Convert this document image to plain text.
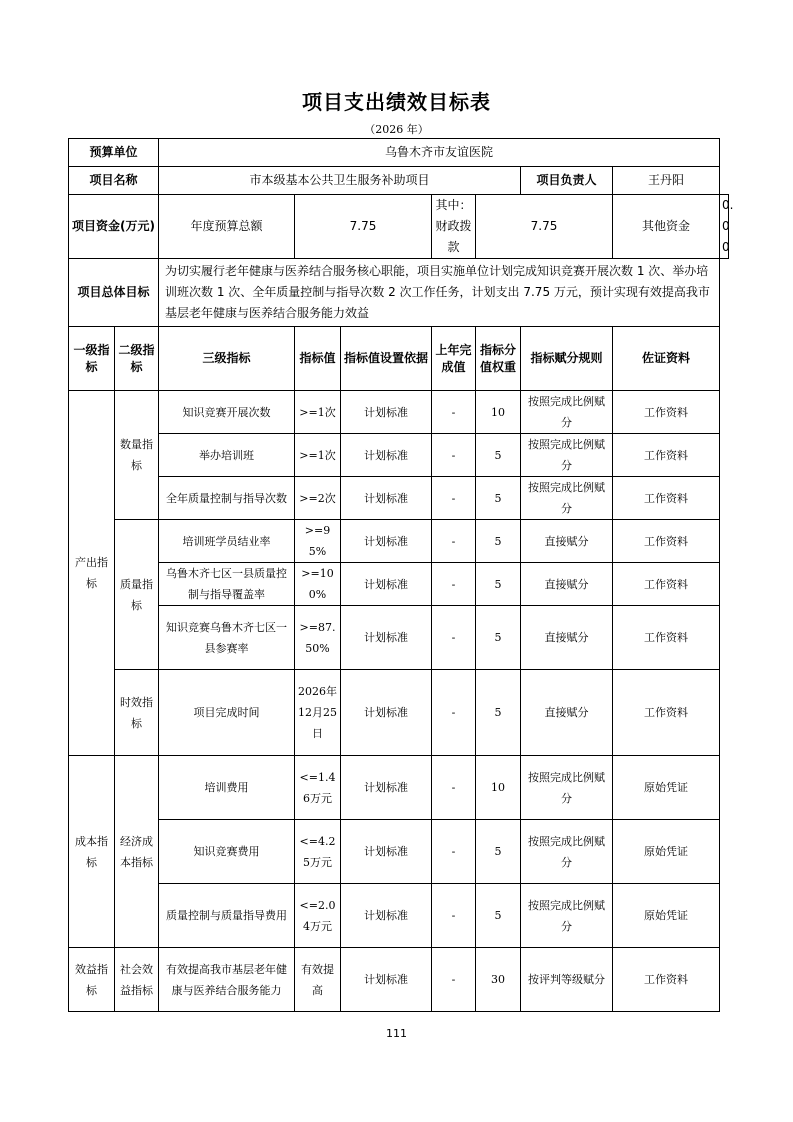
项目支出绩效目标表
（2026 年）
预算单位		乌鲁木齐市友谊医院							
项目名称		市本级基本公共卫生服务补助项目					项目负责人	王丹阳	
项目资金(万元)		年度预算总额	7.75		其中：财政拨款	7.75		其他资金	0.00
项目总体目标		为切实履行老年健康与医养结合服务核心职能，项目实施单位计划完成知识竞赛开展次数 1 次、举办培训班次数 1 次、全年质量控制与指导次数 2 次工作任务，计划支出 7.75 万元，预计实现有效提高我市基层老年健康与医养结合服务能力效益							
一级指标	二级指标	三级指标	指标值	指标值设置依据	上年完成值	指标分值权重	指标赋分规则	佐证资料	
产出指标	数量指标	知识竞赛开展次数	>=1次	计划标准	-	10	按照完成比例赋分	工作资料	
		举办培训班	>=1次	计划标准	-	5	按照完成比例赋分	工作资料	
		全年质量控制与指导次数	>=2次	计划标准	-	5	按照完成比例赋分	工作资料	
	质量指标	培训班学员结业率	>=95%	计划标准	-	5	直接赋分	工作资料	
		乌鲁木齐七区一县质量控制与指导覆盖率	>=100%	计划标准	-	5	直接赋分	工作资料	
		知识竞赛乌鲁木齐七区一县参赛率	>=87.50%	计划标准	-	5	直接赋分	工作资料	
	时效指标	项目完成时间	2026年12月25日	计划标准	-	5	直接赋分	工作资料	
成本指标	经济成本指标	培训费用	<=1.46万元	计划标准	-	10	按照完成比例赋分	原始凭证	
		知识竞赛费用	<=4.25万元	计划标准	-	5	按照完成比例赋分	原始凭证	
		质量控制与质量指导费用	<=2.04万元	计划标准	-	5	按照完成比例赋分	原始凭证	
效益指标	社会效益指标	有效提高我市基层老年健康与医养结合服务能力	有效提高	计划标准	-	30	按评判等级赋分	工作资料	
111
